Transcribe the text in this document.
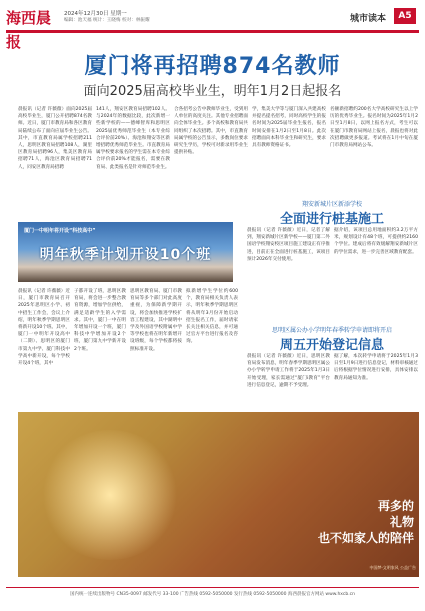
海西晨报
2024年12月30日 星期一
编辑：池天福 统计：王晓梅 校对：林振耀	城市读本	A5
厦门将再招聘874名教师
面向2025届高校毕业生，明年1月2日起报名
晨报讯（记者 许薇薇）面向2025届高校毕业生，厦门公开招聘874名教师。近日，厦门市教育局和各区教育局陆续公布了面向应届毕业生公告。其中，市直教育局属学校招聘211人，思明区教育局招聘108人，湖里区教育局招聘96人，集美区教育局招聘71人，海沧区教育局招聘71人，同安区教育局招聘
141人，翔安区教育局招聘102人。与2024年的数据比较，此次新增一些新学校的——德峰智库和思明区2025届优秀师范毕业生（本专业综合评价前20%）、海沧和翔安等区新增招聘优秀师范毕业生。市直教育局属学校要求报名的学生需在本专业综合评价前20%才能报名，需要在教育局、此类报名是针对师范毕业生。
合各招考公告中教师毕业生，受到用人单位的高度关注。其他专业招聘面向全体毕业生。多个高校和教育局共同组织了本次招聘。其中，市直教育局属学校的公告显示，多数岗位要求研究生学历，学校可对新录用毕业生提供补贴。
学，集美大学等与厦门深入共建高校并提名提名招考，同时高校学生的报名时间为2025届毕业生报名，报名时间安排在1月2日至1月8日。此次招聘面向本科毕业生和研究生，要求具有教师资格证书。
名额新招聘约200名大学高校研究生以上学历的优秀毕业生。报名时间为2025年1月2日至1月8日，以网上报名方式，考生可以在厦门市教育局网站上报名，晨报也将对此次招聘做更多报道。考试将在1月中旬在厦门市教育局网站公布。
厦门一中明年将开设“科技高中”
明年秋季计划开设10个班
晨报讯（记者 许薇薇）近日，厦门市教育局召开2025年思明区小学、初中招生工作会，会议上介绍，明年秋季学期思明区将新开设10个班。其中，厦门一中明年开设高中（二期）、思明区的厦门市第九中学、厦门科技中学高中新开设，每个学校开设4个班，其中
子都开设了班，思明区教育局，将会进一步整合教育资源，增加学位供给，满足适龄学生的入学需求。其中，厦门一中在明年增加开设一个班，厦门科技中学增加开设2个班，厦门第九中学新开设2个班。
思明区教育局、厦门市教育局等多个部门对此高度重视，为保障新学期开设，将会加快推进学校扩容工程建设，其中湖明中学及外国语学校附属中学等学校也将在明年新增开设班级，每个学校都将按照标准开设。
拟新增学生学位约600个，教育局相关负责人表示，明年秋季学期思明区将从明年3月份开始启动招生报名工作，届时请家长关注相关信息，并可通过官方平台进行报名及咨询。
翔安新城片区新添学校
全面进行桩基施工
晨报讯（记者 许薇薇）近日，记者了解到，翔安新城片区新学校——厦门第二外国语学校翔安校区项目施工建设正有序推进，目前正在全面进行桩基施工，该项目预计2026年交付使用。
据介绍，该项目总用地面积约3.2万平方米，规划设计有48个班，可提供约2160个学位。建成后将有效缓解翔安新城片区的学位需求，进一步完善区域教育配套。
思明区属公办小学明年春季转学申请即将开启
周五开始登记信息
晨报讯（记者 许薇薇）近日，思明区教育局发布消息，明年春季学期思明区属公办小学转学申请工作将于2025年1月3日开始受理，家长需通过“厦门i教育”平台进行信息登记，逾期不予受理。
据了解，本次转学申请将于2025年1月3日至1月9日进行信息登记，材料审核通过后将根据学位情况进行安排，具体安排以教育局通知为准。
再多的
礼物
也不如家人的陪伴
中国梦·文明家风 公益广告
国内统一连续出版物号 CN35-0097 邮发代号 33-100 广告热线 0592-5050000 发行热线 0592-5050000 海西晨报官方网站 www.hxcb.cn
